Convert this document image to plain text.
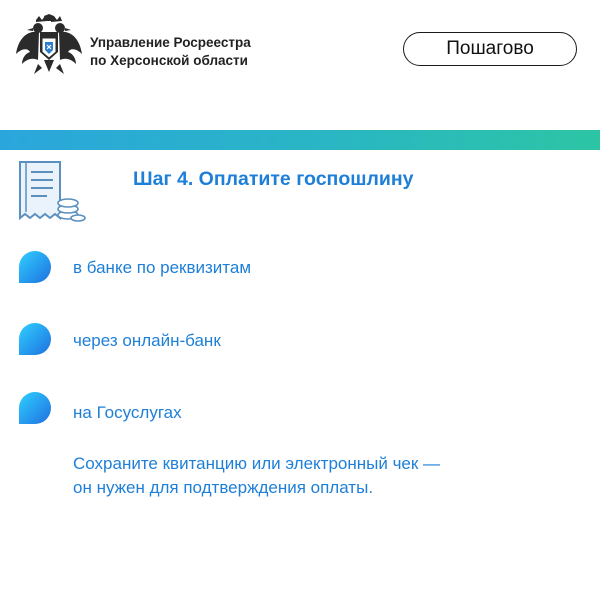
Управление Росреестра
по Херсонской области
Пошагово
Шаг 4. Оплатите госпошлину
в банке по реквизитам
через онлайн-банк
на Госуслугах
Сохраните квитанцию или электронный чек —
он нужен для подтверждения оплаты.
